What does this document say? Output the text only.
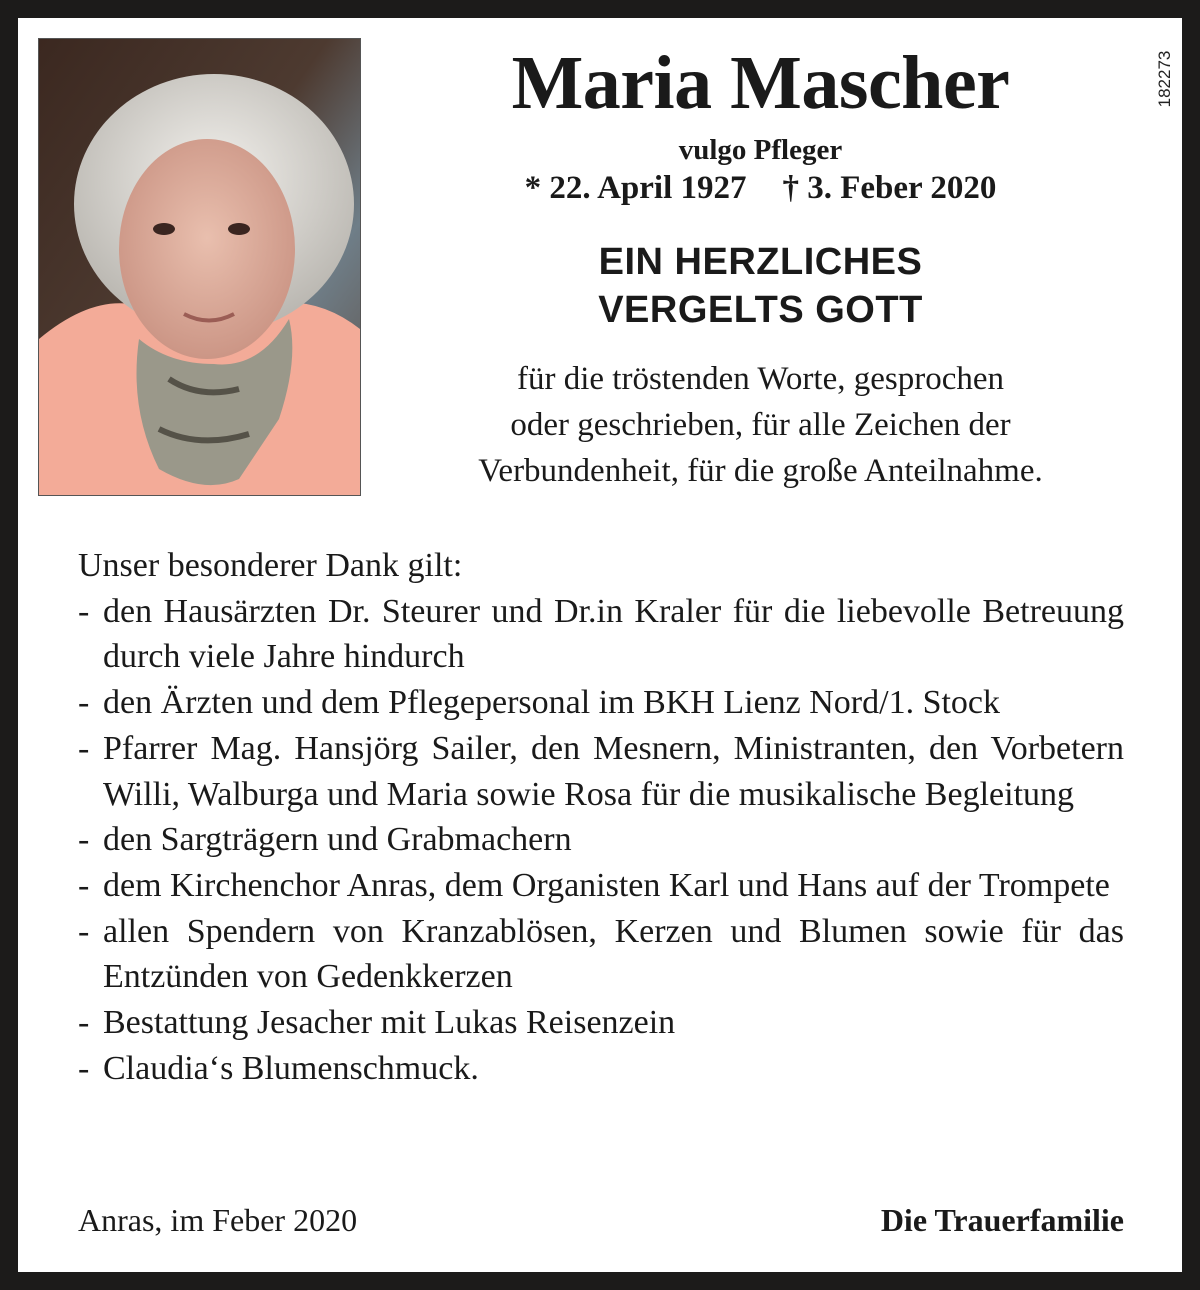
182273
Maria Mascher
vulgo Pfleger
* 22. April 1927 † 3. Feber 2020
EIN HERZLICHES
VERGELTS GOTT
für die tröstenden Worte, gesprochen
oder geschrieben, für alle Zeichen der
Verbundenheit, für die große Anteilnahme.

Unser besonderer Dank gilt:

- den Hausärzten Dr. Steurer und Dr.in Kraler für die liebevolle Betreuung durch viele Jahre hindurch
- den Ärzten und dem Pflegepersonal im BKH Lienz Nord/1. Stock
- Pfarrer Mag. Hansjörg Sailer, den Mesnern, Ministranten, den Vorbetern Willi, Walburga und Maria sowie Rosa für die musikalische Begleitung
- den Sargträgern und Grabmachern
- dem Kirchenchor Anras, dem Organisten Karl und Hans auf der Trompete
- allen Spendern von Kranzablösen, Kerzen und Blumen sowie für das Entzünden von Gedenkkerzen
- Bestattung Jesacher mit Lukas Reisenzein
- Claudia‘s Blumenschmuck.
Anras, im Feber 2020	Die Trauerfamilie
